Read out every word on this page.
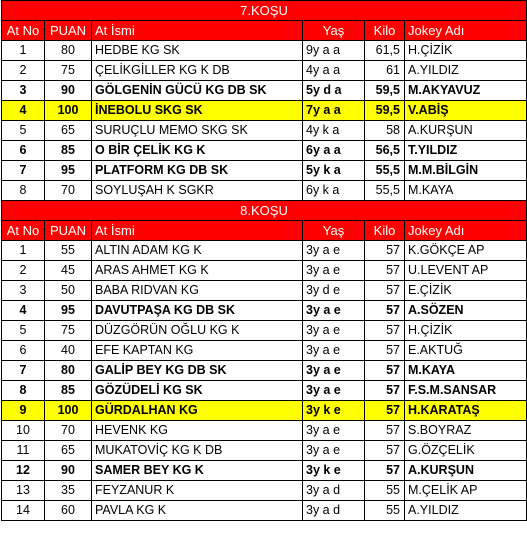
7.KOŞU					
At No	PUAN	At İsmi	Yaş	Kilo	Jokey Adı
1	80	HEDBE KG SK	9y a a	61,5	H.ÇİZİK
2	75	ÇELİKGİLLER KG K DB	4y a a	61	A.YILDIZ
3	90	GÖLGENİN GÜCÜ KG DB SK	5y d a	59,5	M.AKYAVUZ
4	100	İNEBOLU SKG SK	7y a a	59,5	V.ABİŞ
5	65	SURUÇLU MEMO SKG SK	4y k a	58	A.KURŞUN
6	85	O BİR ÇELİK KG K	6y a a	56,5	T.YILDIZ
7	95	PLATFORM KG DB SK	5y k a	55,5	M.M.BİLGİN
8	70	SOYLUŞAH K SGKR	6y k a	55,5	M.KAYA
8.KOŞU					
At No	PUAN	At İsmi	Yaş	Kilo	Jokey Adı
1	55	ALTIN ADAM KG K	3y a e	57	K.GÖKÇE AP
2	45	ARAS AHMET KG K	3y a e	57	U.LEVENT AP
3	50	BABA RIDVAN KG	3y d e	57	E.ÇİZİK
4	95	DAVUTPAŞA KG DB SK	3y a e	57	A.SÖZEN
5	75	DÜZGÖRÜN OĞLU KG K	3y a e	57	H.ÇİZİK
6	40	EFE KAPTAN KG	3y a e	57	E.AKTUĞ
7	80	GALİP BEY KG DB SK	3y a e	57	M.KAYA
8	85	GÖZÜDELİ KG SK	3y a e	57	F.S.M.SANSAR
9	100	GÜRDALHAN KG	3y k e	57	H.KARATAŞ
10	70	HEVENK KG	3y a e	57	S.BOYRAZ
11	65	MUKATOVİÇ KG K DB	3y a e	57	G.ÖZÇELİK
12	90	SAMER BEY KG K	3y k e	57	A.KURŞUN
13	35	FEYZANUR K	3y a d	55	M.ÇELİK AP
14	60	PAVLA KG K	3y a d	55	A.YILDIZ
